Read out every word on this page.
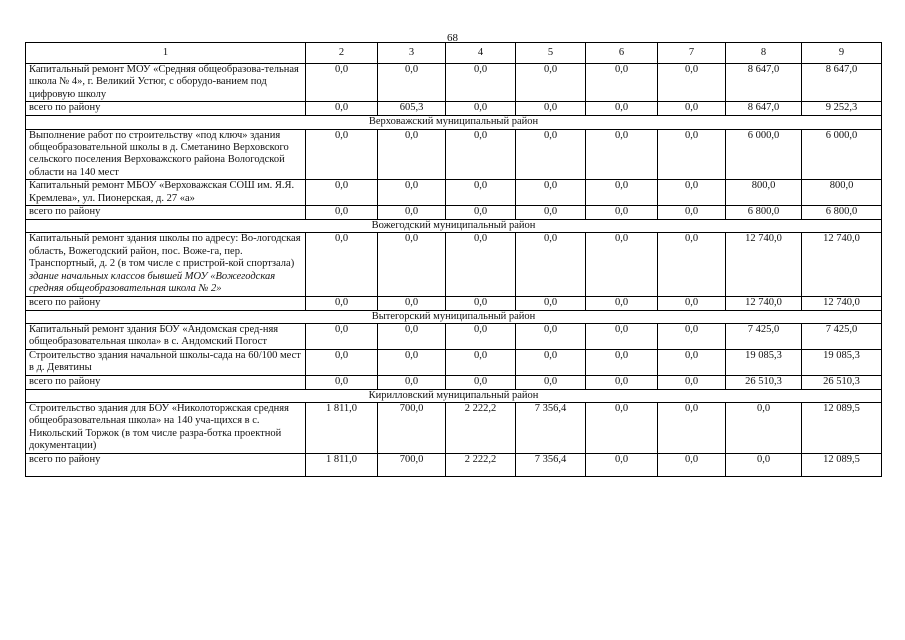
68
1	2	3	4	5	6	7	8	9
Капитальный ремонт МОУ «Средняя общеобразова-тельная школа № 4», г. Великий Устюг, с оборудо-ванием под цифровую школу	0,0	0,0	0,0	0,0	0,0	0,0	8 647,0	8 647,0
всего по району	0,0	605,3	0,0	0,0	0,0	0,0	8 647,0	9 252,3
Верховажский муниципальный район								
Выполнение работ по строительству «под ключ» здания общеобразовательной школы в д. Сметанино Верховского сельского поселения Верховажского района Вологодской области на 140 мест	0,0	0,0	0,0	0,0	0,0	0,0	6 000,0	6 000,0
Капитальный ремонт МБОУ «Верховажская СОШ им. Я.Я. Кремлева», ул. Пионерская, д. 27 «а»	0,0	0,0	0,0	0,0	0,0	0,0	800,0	800,0
всего по району	0,0	0,0	0,0	0,0	0,0	0,0	6 800,0	6 800,0
Вожегодский муниципальный район								
Капитальный ремонт здания школы по адресу: Во-логодская область, Вожегодский район, пос. Воже-га, пер. Транспортный, д. 2 (в том числе с пристрой-кой спортзала) здание начальных классов бывшей МОУ «Вожегодская средняя общеобразовательная школа № 2»	0,0	0,0	0,0	0,0	0,0	0,0	12 740,0	12 740,0
всего по району	0,0	0,0	0,0	0,0	0,0	0,0	12 740,0	12 740,0
Вытегорский муниципальный район								
Капитальный ремонт здания БОУ «Андомская сред-няя общеобразовательная школа» в с. Андомский Погост	0,0	0,0	0,0	0,0	0,0	0,0	7 425,0	7 425,0
Строительство здания начальной школы-сада на 60/100 мест в д. Девятины	0,0	0,0	0,0	0,0	0,0	0,0	19 085,3	19 085,3
всего по району	0,0	0,0	0,0	0,0	0,0	0,0	26 510,3	26 510,3
Кирилловский муниципальный район								
Строительство здания для БОУ «Николоторжская средняя общеобразовательная школа» на 140 уча-щихся в с. Никольский Торжок (в том числе разра-ботка проектной документации)	1 811,0	700,0	2 222,2	7 356,4	0,0	0,0	0,0	12 089,5
всего по району	1 811,0	700,0	2 222,2	7 356,4	0,0	0,0	0,0	12 089,5
